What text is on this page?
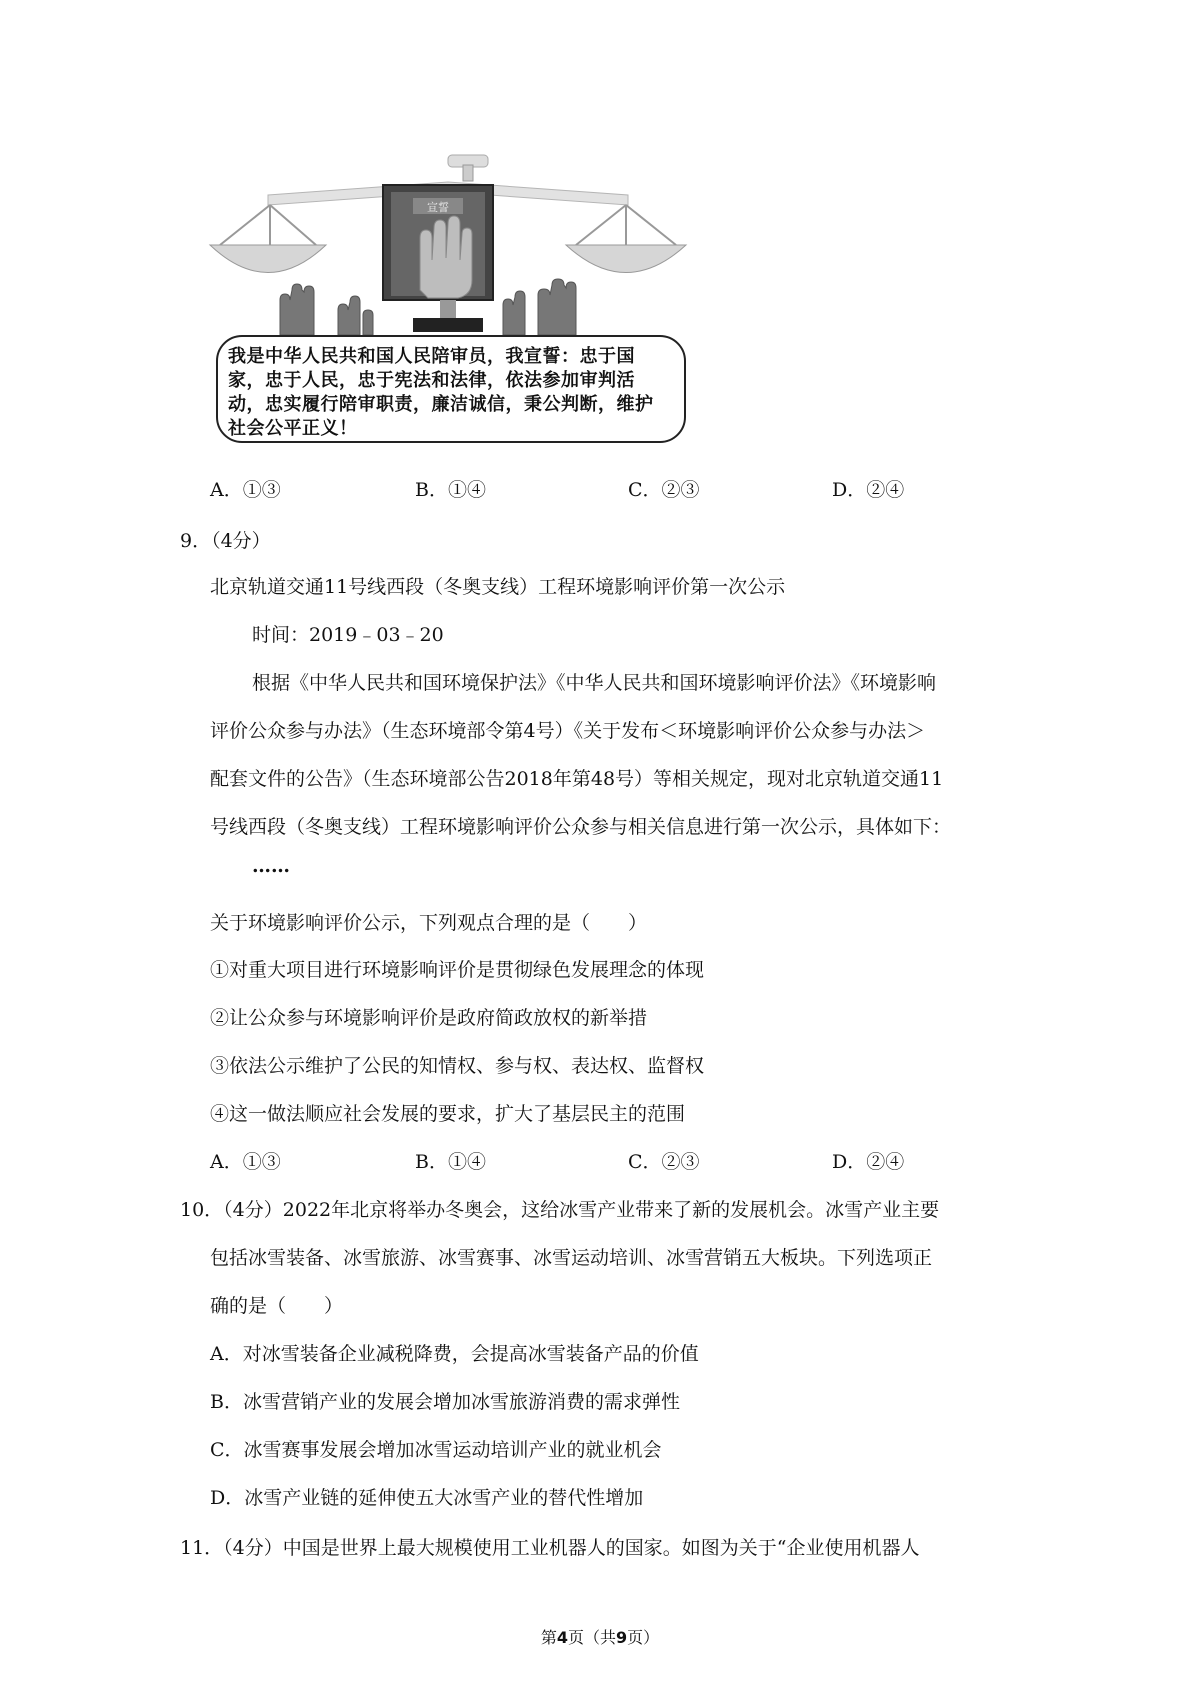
宣誓
我是中华人民共和国人民陪审员，我宣誓：忠于国
家，忠于人民，忠于宪法和法律，依法参加审判活
动，忠实履行陪审职责，廉洁诚信，秉公判断，维护
社会公平正义！
A．①③	B．①④	C．②③	D．②④
9．（4分）
北京轨道交通11号线西段（冬奥支线）工程环境影响评价第一次公示
时间：2019﹣03﹣20
根据《中华人民共和国环境保护法》《中华人民共和国环境影响评价法》《环境影响
评价公众参与办法》（生态环境部令第4号）《关于发布＜环境影响评价公众参与办法＞
配套文件的公告》（生态环境部公告2018年第48号）等相关规定，现对北京轨道交通11
号线西段（冬奥支线）工程环境影响评价公众参与相关信息进行第一次公示，具体如下：
……
关于环境影响评价公示，下列观点合理的是（　　）
①对重大项目进行环境影响评价是贯彻绿色发展理念的体现
②让公众参与环境影响评价是政府简政放权的新举措
③依法公示维护了公民的知情权、参与权、表达权、监督权
④这一做法顺应社会发展的要求，扩大了基层民主的范围
A．①③	B．①④	C．②③	D．②④
10．（4分）2022年北京将举办冬奥会，这给冰雪产业带来了新的发展机会。冰雪产业主要
包括冰雪装备、冰雪旅游、冰雪赛事、冰雪运动培训、冰雪营销五大板块。下列选项正
确的是（　　）
A．对冰雪装备企业减税降费，会提高冰雪装备产品的价值
B．冰雪营销产业的发展会增加冰雪旅游消费的需求弹性
C．冰雪赛事发展会增加冰雪运动培训产业的就业机会
D．冰雪产业链的延伸使五大冰雪产业的替代性增加
11．（4分）中国是世界上最大规模使用工业机器人的国家。如图为关于“企业使用机器人
第4页（共9页）
